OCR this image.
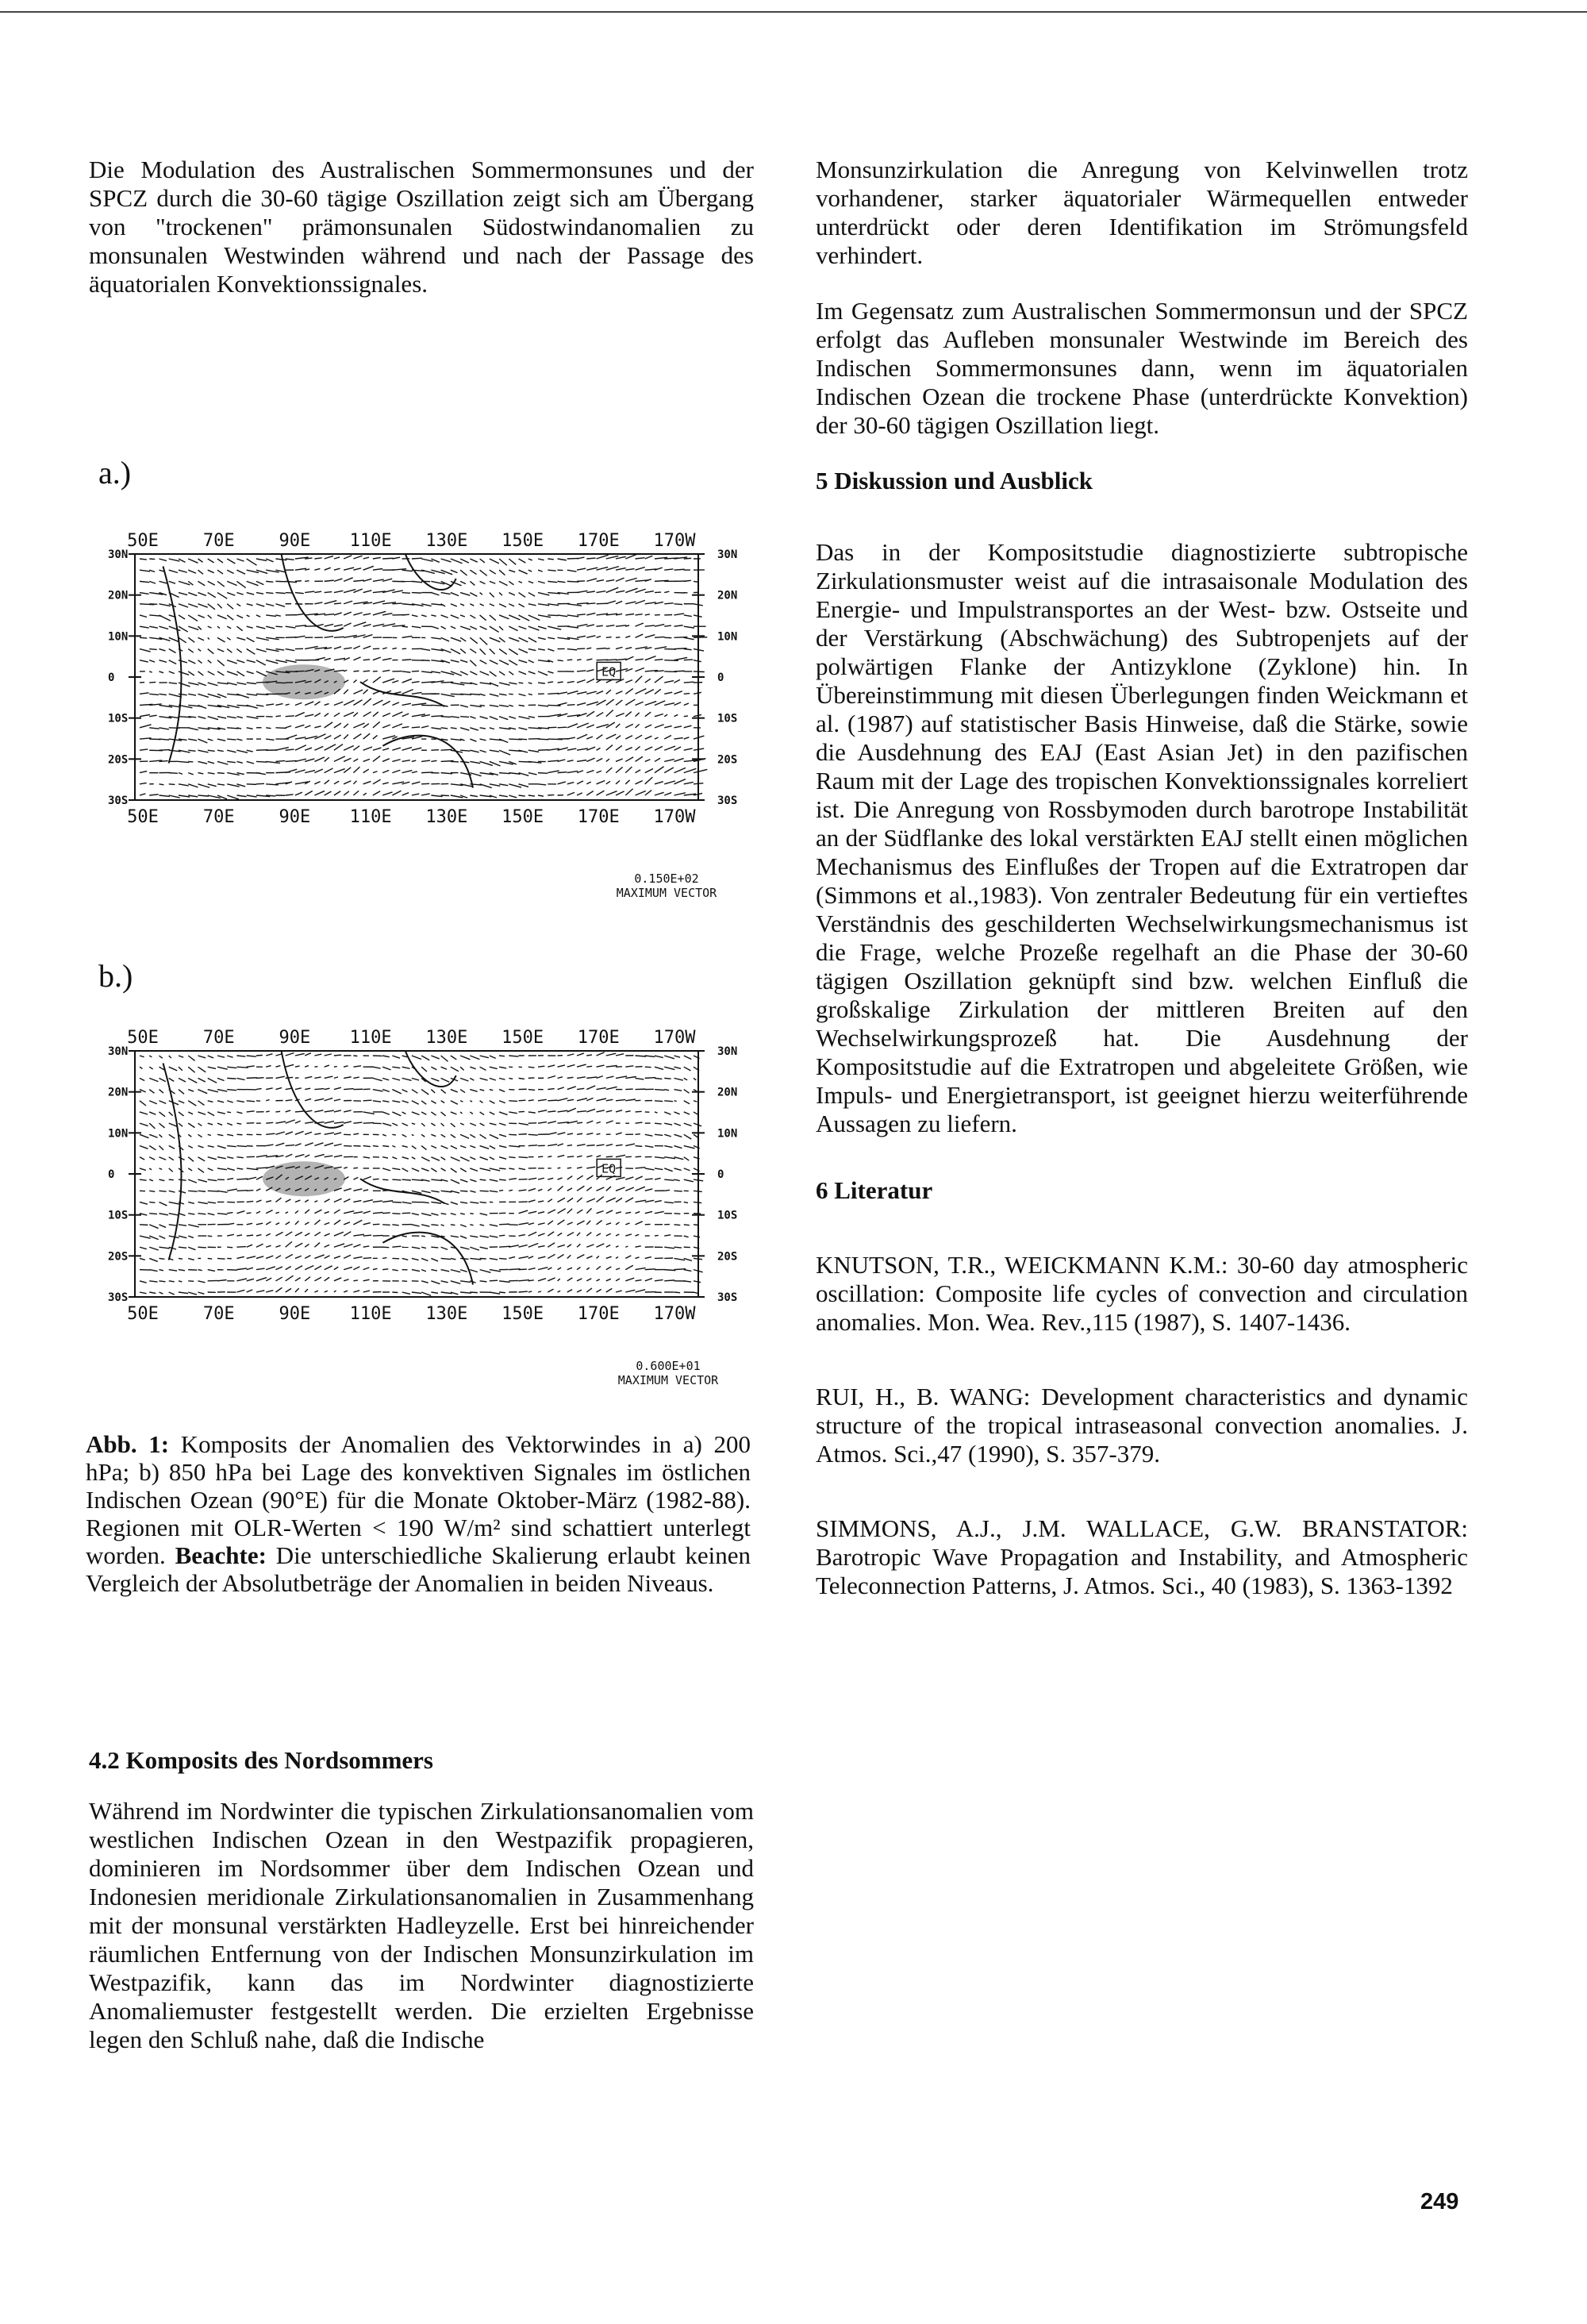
Die Modulation des Australischen Sommermonsunes und der SPCZ durch die 30-60 tägige Oszillation zeigt sich am Übergang von "trockenen" prämonsunalen Südostwindanomalien zu monsunalen Westwinden während und nach der Passage des äquatorialen Konvektionssignales.

a.)
50E
50E
70E
70E
90E
90E
110E
110E
130E
130E
150E
150E
170E
170E
170W
170W
30N	30N
20N	20N
10N	10N
0	0
10S	10S
20S	20S
30S	30S
EQ
0.150E+02
MAXIMUM VECTOR
b.)
50E
50E
70E
70E
90E
90E
110E
110E
130E
130E
150E
150E
170E
170E
170W
170W
30N	30N
20N	20N
10N	10N
0	0
10S	10S
20S	20S
30S	30S
EQ
0.600E+01
MAXIMUM VECTOR
Abb. 1: Komposits der Anomalien des Vektorwindes in a) 200 hPa; b) 850 hPa bei Lage des konvektiven Signales im östlichen Indischen Ozean (90°E) für die Monate Oktober-März (1982-88). Regionen mit OLR-Werten < 190 W/m² sind schattiert unterlegt worden. Beachte: Die unterschiedliche Skalierung erlaubt keinen Vergleich der Absolutbeträge der Anomalien in beiden Niveaus.

4.2 Komposits des Nordsommers

Während im Nordwinter die typischen Zirkulationsanomalien vom westlichen Indischen Ozean in den Westpazifik propagieren, dominieren im Nordsommer über dem Indischen Ozean und Indonesien meridionale Zirkulationsanomalien in Zusammenhang mit der monsunal verstärkten Hadleyzelle. Erst bei hinreichender räumlichen Entfernung von der Indischen Monsunzirkulation im Westpazifik, kann das im Nordwinter diagnostizierte Anomaliemuster festgestellt werden. Die erzielten Ergebnisse legen den Schluß nahe, daß die Indische

Monsunzirkulation die Anregung von Kelvinwellen trotz vorhandener, starker äquatorialer Wärmequellen entweder unterdrückt oder deren Identifikation im Strömungsfeld verhindert.

Im Gegensatz zum Australischen Sommermonsun und der SPCZ erfolgt das Aufleben monsunaler Westwinde im Bereich des Indischen Sommermonsunes dann, wenn im äquatorialen Indischen Ozean die trockene Phase (unterdrückte Konvektion) der 30-60 tägigen Oszillation liegt.

5 Diskussion und Ausblick

Das in der Kompositstudie diagnostizierte subtropische Zirkulationsmuster weist auf die intrasaisonale Modulation des Energie- und Impulstransportes an der West- bzw. Ostseite und der Verstärkung (Abschwächung) des Subtropenjets auf der polwärtigen Flanke der Antizyklone (Zyklone) hin. In Übereinstimmung mit diesen Überlegungen finden Weickmann et al. (1987) auf statistischer Basis Hinweise, daß die Stärke, sowie die Ausdehnung des EAJ (East Asian Jet) in den pazifischen Raum mit der Lage des tropischen Konvektionssignales korreliert ist. Die Anregung von Rossbymoden durch barotrope Instabilität an der Südflanke des lokal verstärkten EAJ stellt einen möglichen Mechanismus des Einflußes der Tropen auf die Extratropen dar (Simmons et al.,1983). Von zentraler Bedeutung für ein vertieftes Verständnis des geschilderten Wechselwirkungsmechanismus ist die Frage, welche Prozeße regelhaft an die Phase der 30-60 tägigen Oszillation geknüpft sind bzw. welchen Einfluß die großskalige Zirkulation der mittleren Breiten auf den Wechselwirkungsprozeß hat. Die Ausdehnung der Kompositstudie auf die Extratropen und abgeleitete Größen, wie Impuls- und Energietransport, ist geeignet hierzu weiterführende Aussagen zu liefern.

6 Literatur

KNUTSON, T.R., WEICKMANN K.M.: 30-60 day atmospheric oscillation: Composite life cycles of convection and circulation anomalies. Mon. Wea. Rev.,115 (1987), S. 1407-1436.

RUI, H., B. WANG: Development characteristics and dynamic structure of the tropical intraseasonal convection anomalies. J. Atmos. Sci.,47 (1990), S. 357-379.

SIMMONS, A.J., J.M. WALLACE, G.W. BRANSTATOR: Barotropic Wave Propagation and Instability, and Atmospheric Teleconnection Patterns, J. Atmos. Sci., 40 (1983), S. 1363-1392

249
